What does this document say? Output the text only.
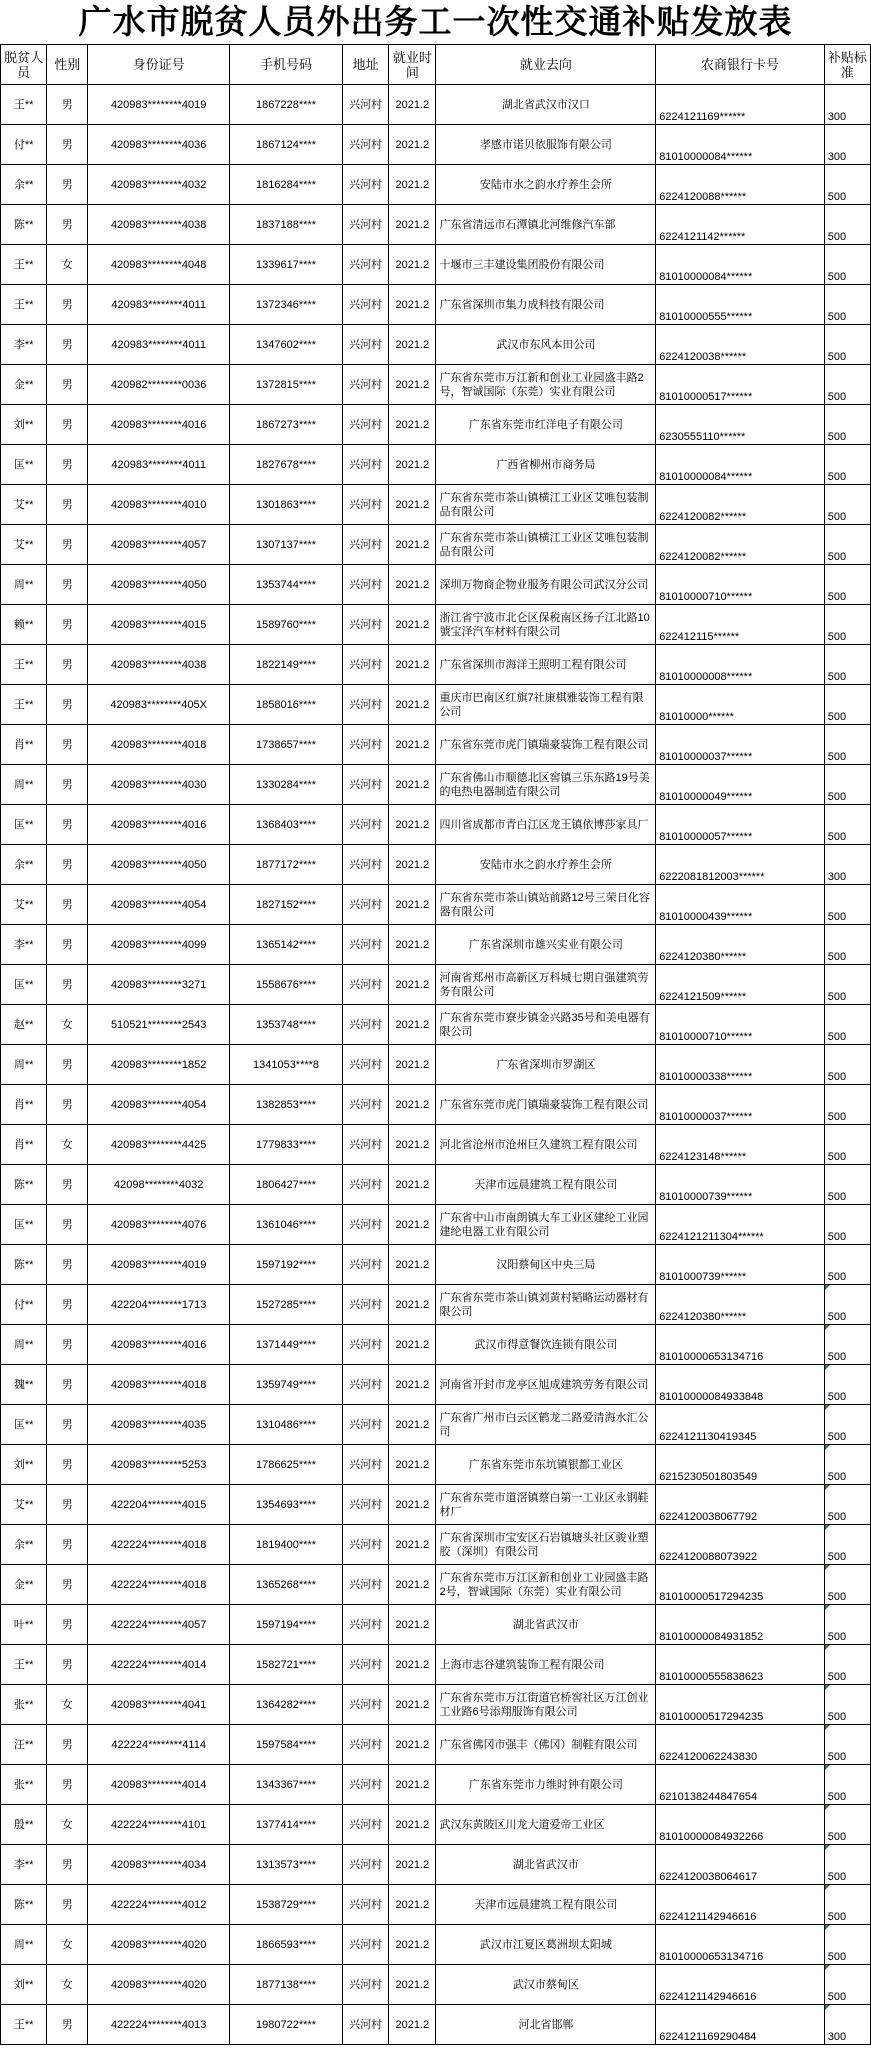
广水市脱贫人员外出务工一次性交通补贴发放表
脱贫人员	性别	身份证号	手机号码	地址	就业时间	就业去向	农商银行卡号	补贴标准
王**	男	420983********4019	1867228****	兴河村	2021.2	湖北省武汉市汉口	6224121169******	300
付**	男	420983********4036	1867124****	兴河村	2021.2	孝感市诺贝依服饰有限公司	81010000084******	300
余**	男	420983********4032	1816284****	兴河村	2021.2	安陆市水之韵水疗养生会所	6224120088******	500
陈**	男	420983********4038	1837188****	兴河村	2021.2	广东省清远市石潭镇北河维修汽车部	6224121142******	500
王**	女	420983********4048	1339617****	兴河村	2021.2	十堰市三丰建设集团股份有限公司	81010000084******	500
王**	男	420983********4011	1372346****	兴河村	2021.2	广东省深圳市集力成科技有限公司	81010000555******	500
李**	男	420983********4011	1347602****	兴河村	2021.2	武汉市东风本田公司	6224120038******	500
金**	男	420982********0036	1372815****	兴河村	2021.2	广东省东莞市万江新和创业工业园盛丰路2号，智诚国际（东莞）实业有限公司	81010000517******	500
刘**	男	420983********4016	1867273****	兴河村	2021.2	广东省东莞市红洋电子有限公司	6230555110******	500
匡**	男	420983********4011	1827678****	兴河村	2021.2	广西省柳州市商务局	81010000084******	500
艾**	男	420983********4010	1301863****	兴河村	2021.2	广东省东莞市茶山镇横江工业区艾唯包装制品有限公司	6224120082******	500
艾**	男	420983********4057	1307137****	兴河村	2021.2	广东省东莞市茶山镇横江工业区艾唯包装制品有限公司	6224120082******	500
周**	男	420983********4050	1353744****	兴河村	2021.2	深圳万物商企物业服务有限公司武汉分公司	81010000710******	500
赖**	男	420983********4015	1589760****	兴河村	2021.2	浙江省宁波市北仑区保税南区扬子江北路10號宝泽汽车材料有限公司	622412115******	500
王**	男	420983********4038	1822149****	兴河村	2021.2	广东省深圳市海洋王照明工程有限公司	81010000008******	500
王**	男	420983********405X	1858016****	兴河村	2021.2	重庆市巴南区红旗7社康棋雅装饰工程有限公司	81010000******	500
肖**	男	420983********4018	1738657****	兴河村	2021.2	广东省东莞市虎门镇瑞豪装饰工程有限公司	81010000037******	500
周**	男	420983********4030	1330284****	兴河村	2021.2	广东省佛山市顺德北区窖镇三乐东路19号美的电热电器制造有限公司	81010000049******	500
匡**	男	420983********4016	1368403****	兴河村	2021.2	四川省成都市青白江区龙王镇依博莎家具厂	81010000057******	500
余**	男	420983********4050	1877172****	兴河村	2021.2	安陆市水之韵水疗养生会所	6222081812003******	300
艾**	男	420983********4054	1827152****	兴河村	2021.2	广东省东莞市茶山镇站前路12号三荣日化容器有限公司	81010000439******	500
李**	男	420983********4099	1365142****	兴河村	2021.2	广东省深圳市雄兴实业有限公司	6224120380******	500
匡**	男	420983********3271	1558676****	兴河村	2021.2	河南省郑州市高新区万科城七期自强建筑劳务有限公司	6224121509******	500
赵**	女	510521********2543	1353748****	兴河村	2021.2	广东省东莞市寮步镇金兴路35号和美电器有限公司	81010000710******	500
周**	男	420983********1852	1341053****8	兴河村	2021.2	广东省深圳市罗湖区	81010000338******	500
肖**	男	420983********4054	1382853****	兴河村	2021.2	广东省东莞市虎门镇瑞豪装饰工程有限公司	81010000037******	500
肖**	女	420983********4425	1779833****	兴河村	2021.2	河北省沧州市沧州巨久建筑工程有限公司	6224123148******	500
陈**	男	42098********4032	1806427****	兴河村	2021.2	天津市远晨建筑工程有限公司	81010000739******	500
匡**	男	420983********4076	1361046****	兴河村	2021.2	广东省中山市南朗镇大车工业区建纶工业园建纶电器工业有限公司	6224121211304******	500
陈**	男	420983********4019	1597192****	兴河村	2021.2	汉阳蔡甸区中央三局	8101000739******	500
付**	男	422204********1713	1527285****	兴河村	2021.2	广东省东莞市茶山镇刘黄村韬略运动器材有限公司	6224120380******	500
周**	男	420983********4016	1371449****	兴河村	2021.2	武汉市得意餐饮连锁有限公司	81010000653134716	500
魏**	男	420983********4018	1359749****	兴河村	2021.2	河南省开封市龙亭区旭成建筑劳务有限公司	81010000084933848	500
匡**	男	420983********4035	1310486****	兴河村	2021.2	广东省广州市白云区鹤龙二路爱清海水汇公司	6224121130419345	500
刘**	男	420983********5253	1786625****	兴河村	2021.2	广东省东莞市东坑镇银都工业区	6215230501803549	500
艾**	男	422204********4015	1354693****	兴河村	2021.2	广东省东莞市道滘镇蔡白第一工业区永钢鞋材厂	6224120038067792	500
余**	男	422224********4018	1819400****	兴河村	2021.2	广东省深圳市宝安区石岩镇塘头社区骏业塑胶（深圳）有限公司	6224120088073922	500
金**	男	422224********4018	1365268****	兴河村	2021.2	广东省东莞市万江区新和创业工业园盛丰路2号，智诚国际（东莞）实业有限公司	81010000517294235	500
叶**	男	422224********4057	1597194****	兴河村	2021.2	湖北省武汉市	81010000084931852	500
王**	男	422224********4014	1582721****	兴河村	2021.2	上海市志谷建筑装饰工程有限公司	81010000555838623	500
张**	女	420983********4041	1364282****	兴河村	2021.2	广东省东莞市万江街道官桥窖社区万江创业工业路6号添翔服饰有限公司	81010000517294235	500
汪**	男	422224********4114	1597584****	兴河村	2021.2	广东省佛冈市强丰（佛冈）制鞋有限公司	6224120062243830	500
张**	男	420983********4014	1343367****	兴河村	2021.2	广东省东莞市力维时钟有限公司	6210138244847654	500
殷**	女	422224********4101	1377414****	兴河村	2021.2	武汉东黄陂区川龙大道爱帝工业区	81010000084932266	500
李**	男	420983********4034	1313573****	兴河村	2021.2	湖北省武汉市	6224120038064617	500
陈**	男	422224********4012	1538729****	兴河村	2021.2	天津市远晨建筑工程有限公司	6224121142946616	500
周**	女	420983********4020	1866593****	兴河村	2021.2	武汉市江夏区葛洲坝太阳城	81010000653134716	500
刘**	女	420983********4020	1877138****	兴河村	2021.2	武汉市蔡甸区	6224121142946616	500
王**	男	422224********4013	1980722****	兴河村	2021.2	河北省邯郸	6224121169290484	300
